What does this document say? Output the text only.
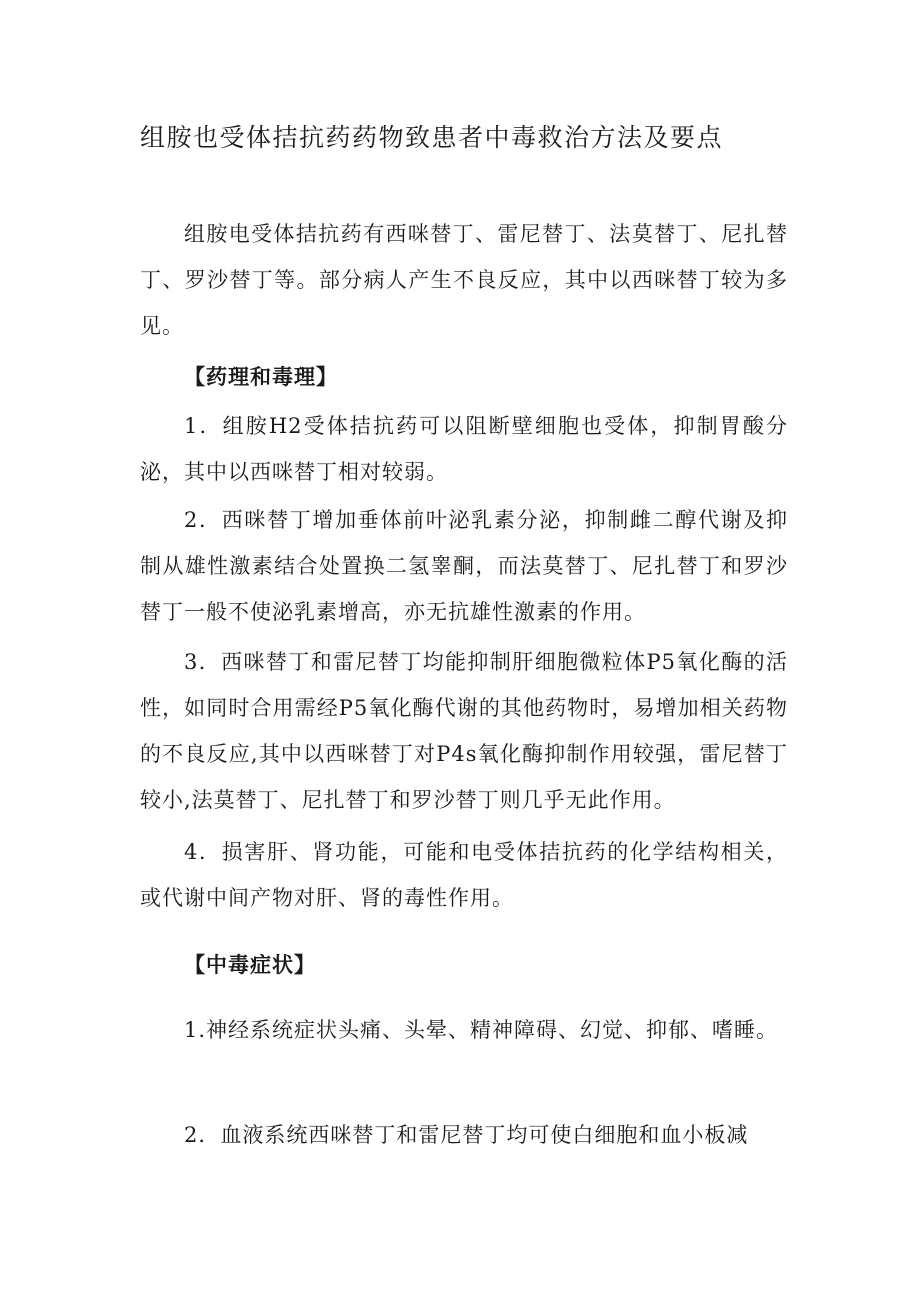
组胺也受体拮抗药药物致患者中毒救治方法及要点

组胺电受体拮抗药有西咪替丁、雷尼替丁、法莫替丁、尼扎替丁、罗沙替丁等。部分病人产生不良反应，其中以西咪替丁较为多见。

【药理和毒理】

1．组胺H2受体拮抗药可以阻断壁细胞也受体，抑制胃酸分泌，其中以西咪替丁相对较弱。

2．西咪替丁增加垂体前叶泌乳素分泌，抑制雌二醇代谢及抑制从雄性激素结合处置换二氢睾酮，而法莫替丁、尼扎替丁和罗沙替丁一般不使泌乳素增高，亦无抗雄性激素的作用。

3．西咪替丁和雷尼替丁均能抑制肝细胞微粒体P5氧化酶的活性，如同时合用需经P5氧化酶代谢的其他药物时，易增加相关药物的不良反应,其中以西咪替丁对P4s氧化酶抑制作用较强，雷尼替丁较小,法莫替丁、尼扎替丁和罗沙替丁则几乎无此作用。

4．损害肝、肾功能，可能和电受体拮抗药的化学结构相关，或代谢中间产物对肝、肾的毒性作用。

【中毒症状】

1.神经系统症状头痛、头晕、精神障碍、幻觉、抑郁、嗜睡。

2．血液系统西咪替丁和雷尼替丁均可使白细胞和血小板减
